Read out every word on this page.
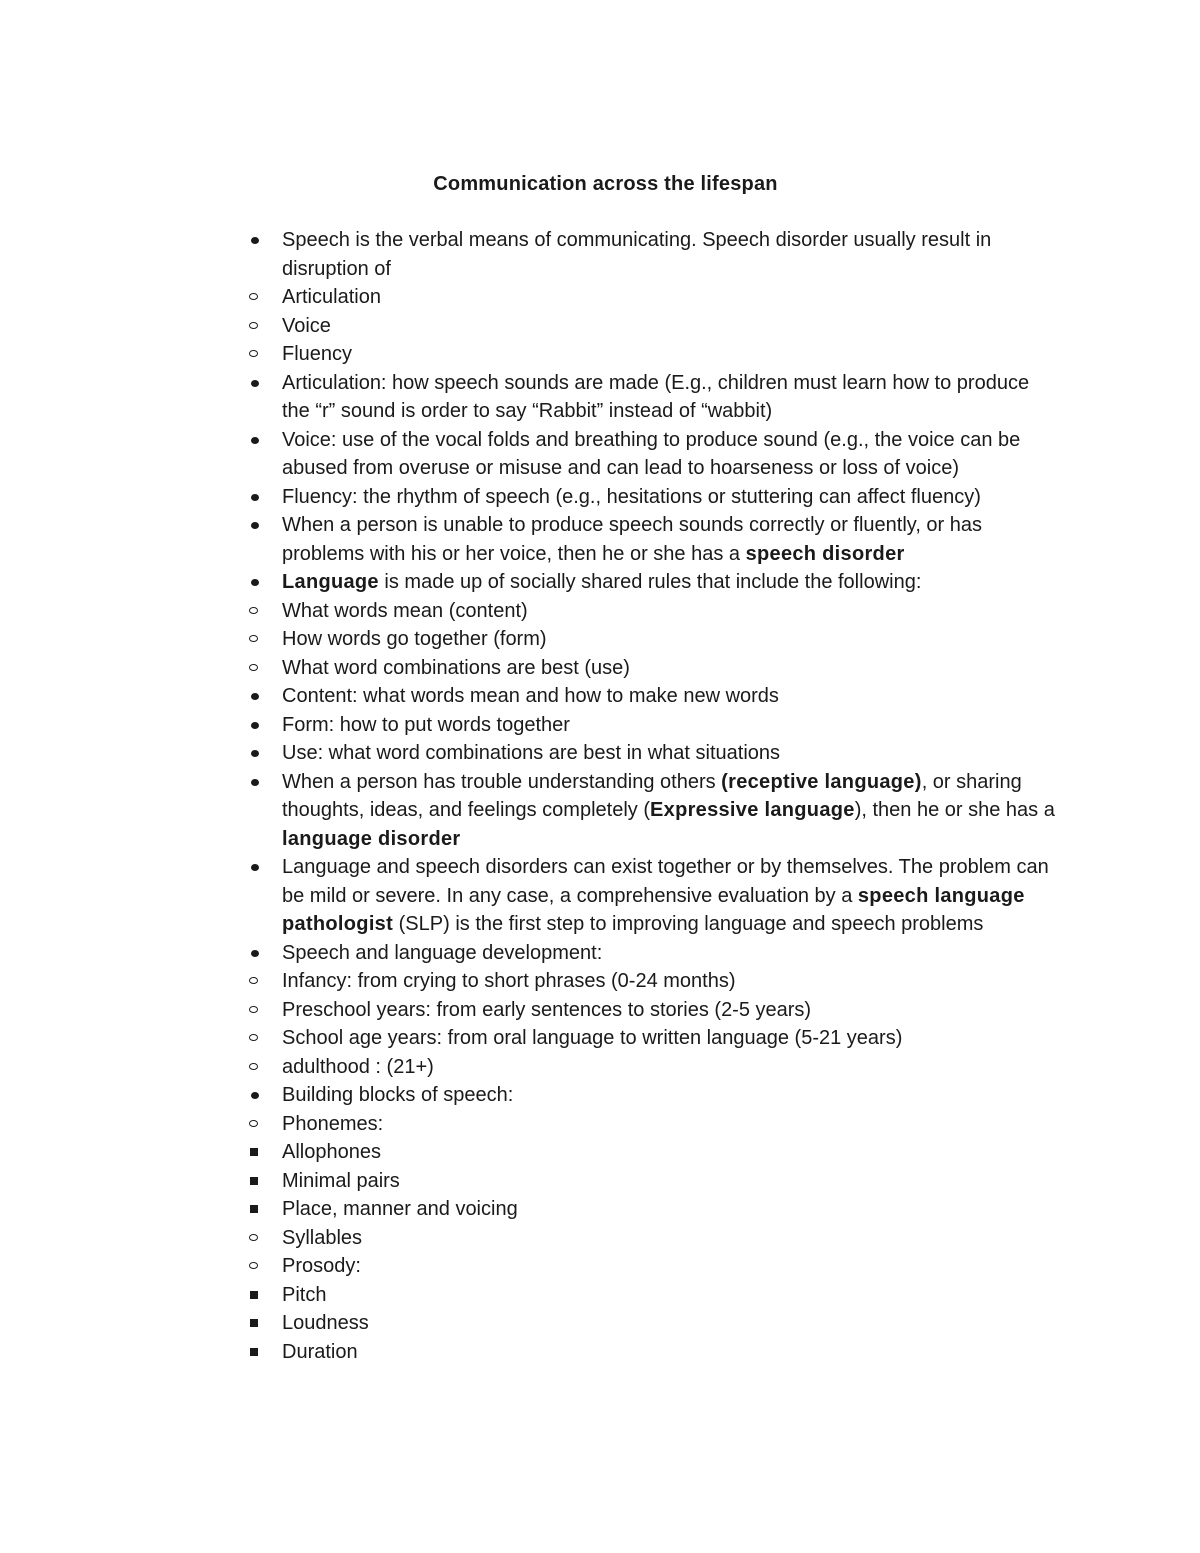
Communication across the lifespan
Speech is the verbal means of communicating. Speech disorder usually result in disruption of
Articulation
Voice
Fluency
Articulation: how speech sounds are made (E.g., children must learn how to produce the “r” sound is order to say “Rabbit” instead of “wabbit)
Voice: use of the vocal folds and breathing to produce sound (e.g., the voice can be abused from overuse or misuse and can lead to hoarseness or loss of voice)
Fluency: the rhythm of speech (e.g., hesitations or stuttering can affect fluency)
When a person is unable to produce speech sounds correctly or fluently, or has problems with his or her voice, then he or she has a speech disorder
Language is made up of socially shared rules that include the following:
What words mean (content)
How words go together (form)
What word combinations are best (use)
Content: what words mean and how to make new words
Form: how to put words together
Use: what word combinations are best in what situations
When a person has trouble understanding others (receptive language), or sharing thoughts, ideas, and feelings completely (Expressive language), then he or she has a language disorder
Language and speech disorders can exist together or by themselves. The problem can be mild or severe. In any case, a comprehensive evaluation by a speech language pathologist (SLP) is the first step to improving language and speech problems
Speech and language development:
Infancy: from crying to short phrases (0-24 months)
Preschool years: from early sentences to stories (2-5 years)
School age years: from oral language to written language (5-21 years)
adulthood : (21+)
Building blocks of speech:
Phonemes:
Allophones
Minimal pairs
Place, manner and voicing
Syllables
Prosody:
Pitch
Loudness
Duration
